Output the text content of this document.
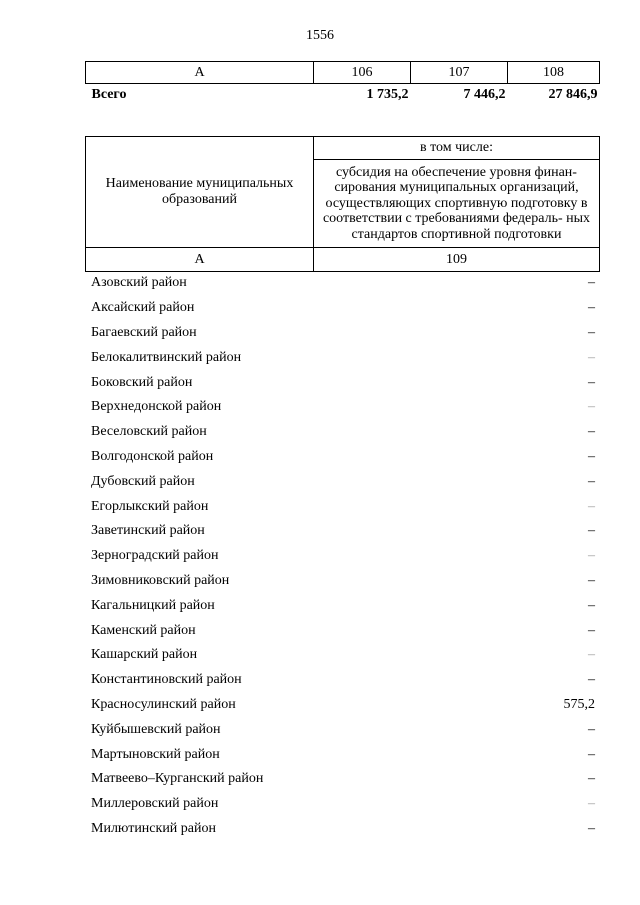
1556
А	106	107	108
Всего	1 735,2	7 446,2	27 846,9
Наименование муниципальных образований	в том числе:
	субсидия на обеспечение уровня финан- сирования муниципальных организаций, осуществляющих спортивную подготовку в соответствии с требованиями федераль- ных стандартов спортивной подготовки
А	109
Азовский район	–
Аксайский район	–
Багаевский район	–
Белокалитвинский район	–
Боковский район	–
Верхнедонской район	–
Веселовский район	–
Волгодонской район	–
Дубовский район	–
Егорлыкский район	–
Заветинский район	–
Зерноградский район	–
Зимовниковский район	–
Кагальницкий район	–
Каменский район	–
Кашарский район	–
Константиновский район	–
Красносулинский район	575,2
Куйбышевский район	–
Мартыновский район	–
Матвеево–Курганский район	–
Миллеровский район	–
Милютинский район	–
